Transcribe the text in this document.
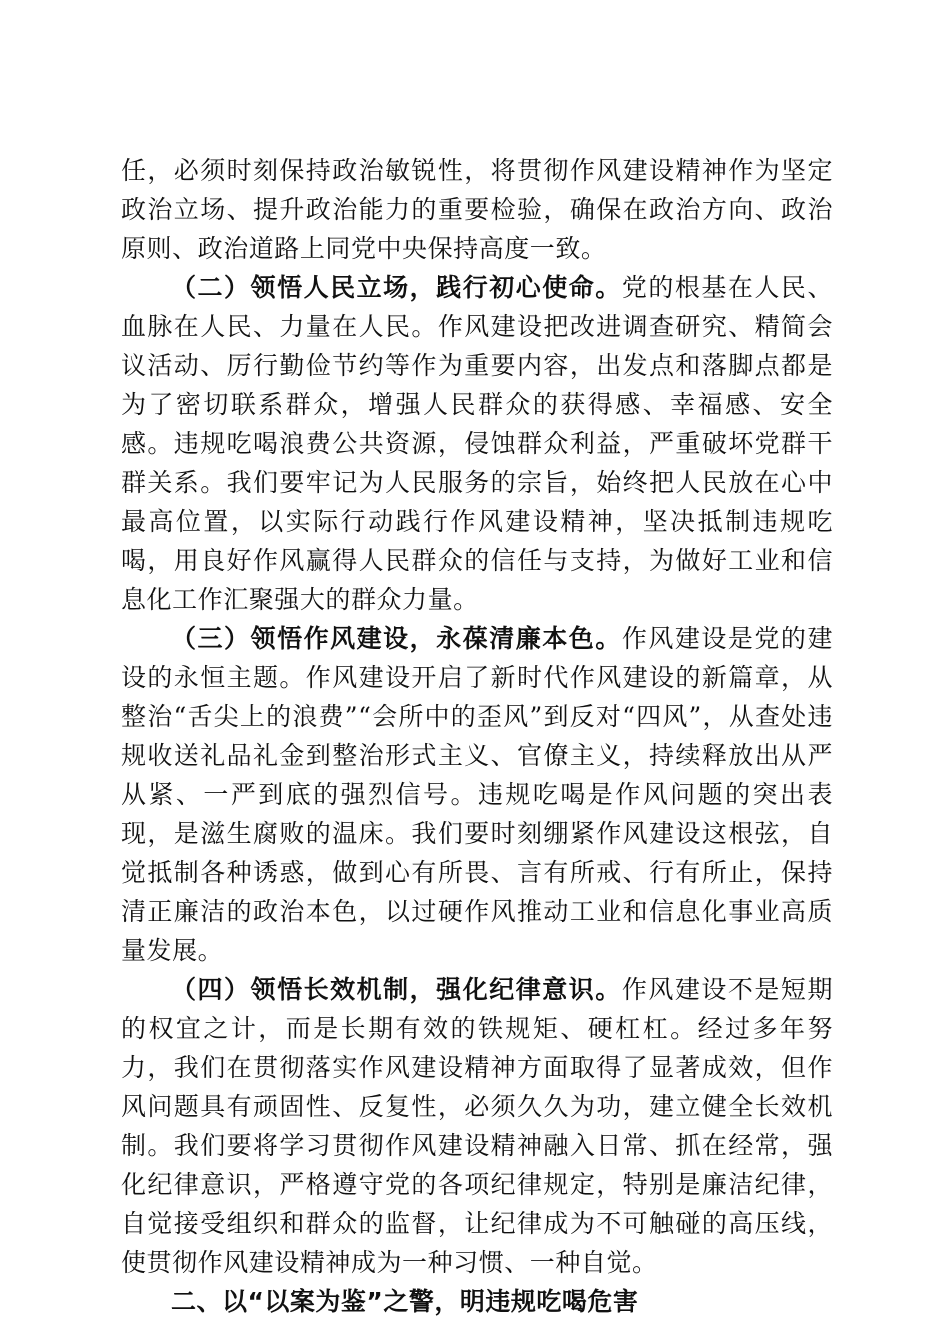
任，必须时刻保持政治敏锐性，将贯彻作风建设精神作为坚定政治立场、提升政治能力的重要检验，确保在政治方向、政治原则、政治道路上同党中央保持高度一致。

（二）领悟人民立场，践行初心使命。党的根基在人民、血脉在人民、力量在人民。作风建设把改进调查研究、精简会议活动、厉行勤俭节约等作为重要内容，出发点和落脚点都是为了密切联系群众，增强人民群众的获得感、幸福感、安全感。违规吃喝浪费公共资源，侵蚀群众利益，严重破坏党群干群关系。我们要牢记为人民服务的宗旨，始终把人民放在心中最高位置，以实际行动践行作风建设精神，坚决抵制违规吃喝，用良好作风赢得人民群众的信任与支持，为做好工业和信息化工作汇聚强大的群众力量。

（三）领悟作风建设，永葆清廉本色。作风建设是党的建设的永恒主题。作风建设开启了新时代作风建设的新篇章，从整治“舌尖上的浪费”“会所中的歪风”到反对“四风”，从查处违规收送礼品礼金到整治形式主义、官僚主义，持续释放出从严从紧、一严到底的强烈信号。违规吃喝是作风问题的突出表现，是滋生腐败的温床。我们要时刻绷紧作风建设这根弦，自觉抵制各种诱惑，做到心有所畏、言有所戒、行有所止，保持清正廉洁的政治本色，以过硬作风推动工业和信息化事业高质量发展。

（四）领悟长效机制，强化纪律意识。作风建设不是短期的权宜之计，而是长期有效的铁规矩、硬杠杠。经过多年努力，我们在贯彻落实作风建设精神方面取得了显著成效，但作风问题具有顽固性、反复性，必须久久为功，建立健全长效机制。我们要将学习贯彻作风建设精神融入日常、抓在经常，强化纪律意识，严格遵守党的各项纪律规定，特别是廉洁纪律，自觉接受组织和群众的监督，让纪律成为不可触碰的高压线，使贯彻作风建设精神成为一种习惯、一种自觉。

二、以“以案为鉴”之警，明违规吃喝危害
